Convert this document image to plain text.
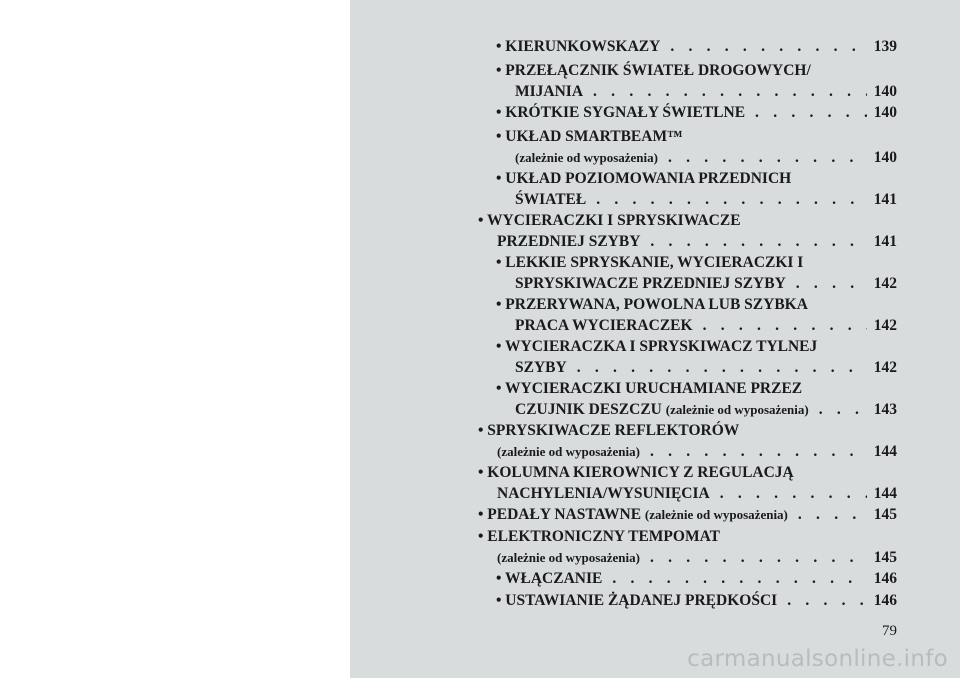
• KIERUNKOWSKAZY . . .	139
• PRZEŁĄCZNIK ŚWIATEŁ DROGOWYCH/
MIJANIA . . .	140
• KRÓTKIE SYGNAŁY ŚWIETLNE . . .	140
• UKŁAD SMARTBEAM™
(zależnie od wyposażenia) . . .	140
• UKŁAD POZIOMOWANIA PRZEDNICH
ŚWIATEŁ . . .	141
• WYCIERACZKI I SPRYSKIWACZE
PRZEDNIEJ SZYBY . . .	141
• LEKKIE SPRYSKANIE, WYCIERACZKI I
SPRYSKIWACZE PRZEDNIEJ SZYBY . . .	142
• PRZERYWANA, POWOLNA LUB SZYBKA
PRACA WYCIERACZEK . . .	142
• WYCIERACZKA I SPRYSKIWACZ TYLNEJ
SZYBY . . .	142
• WYCIERACZKI URUCHAMIANE PRZEZ
CZUJNIK DESZCZU (zależnie od wyposażenia) . . .	143
• SPRYSKIWACZE REFLEKTORÓW
(zależnie od wyposażenia) . . .	144
• KOLUMNA KIEROWNICY Z REGULACJĄ
NACHYLENIA/WYSUNIĘCIA . . .	144
• PEDAŁY NASTAWNE (zależnie od wyposażenia) . . .	145
• ELEKTRONICZNY TEMPOMAT
(zależnie od wyposażenia) . . .	145
• WŁĄCZANIE . . .	146
• USTAWIANIE ŻĄDANEJ PRĘDKOŚCI . . .	146
79
carmanualsonline.info
